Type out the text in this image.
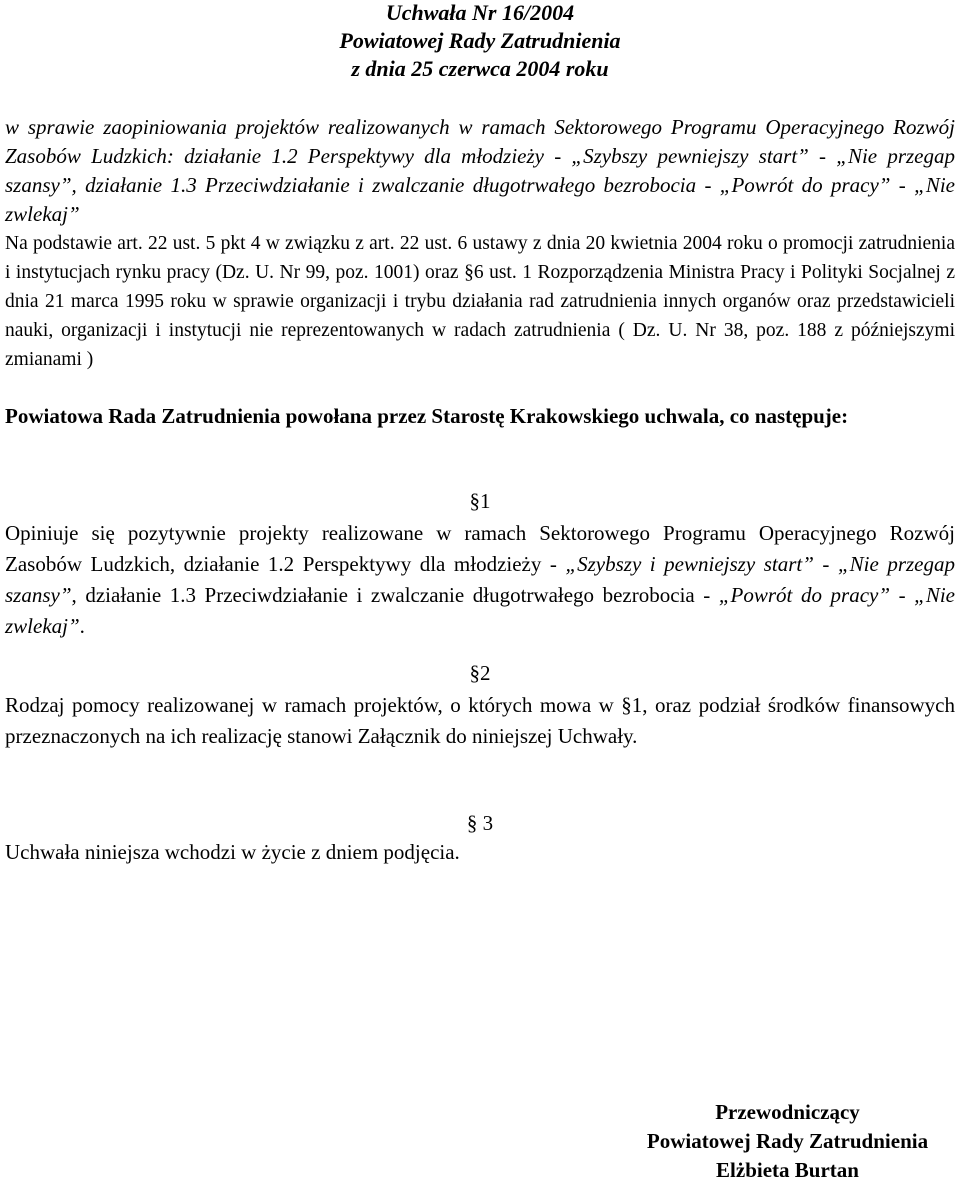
Uchwała Nr 16/2004
Powiatowej Rady Zatrudnienia
z dnia 25 czerwca 2004 roku
w sprawie zaopiniowania projektów realizowanych w ramach Sektorowego Programu Operacyjnego Rozwój Zasobów Ludzkich: działanie 1.2 Perspektywy dla młodzieży - „Szybszy pewniejszy start” - „Nie przegap szansy”, działanie 1.3 Przeciwdziałanie i zwalczanie długotrwałego bezrobocia - „Powrót do pracy” - „Nie zwlekaj”
Na podstawie art. 22 ust. 5 pkt 4 w związku z art. 22 ust. 6 ustawy z dnia 20 kwietnia 2004 roku o promocji zatrudnienia i instytucjach rynku pracy (Dz. U. Nr 99, poz. 1001) oraz §6 ust. 1 Rozporządzenia Ministra Pracy i Polityki Socjalnej z dnia 21 marca 1995 roku w sprawie organizacji i trybu działania rad zatrudnienia innych organów oraz przedstawicieli nauki, organizacji i instytucji nie reprezentowanych w radach zatrudnienia ( Dz. U. Nr 38, poz. 188 z późniejszymi zmianami )
Powiatowa Rada Zatrudnienia powołana przez Starostę Krakowskiego uchwala, co następuje:
§1
Opiniuje się pozytywnie projekty realizowane w ramach Sektorowego Programu Operacyjnego Rozwój Zasobów Ludzkich, działanie 1.2 Perspektywy dla młodzieży - „Szybszy i pewniejszy start” - „Nie przegap szansy”, działanie 1.3 Przeciwdziałanie i zwalczanie długotrwałego bezrobocia - „Powrót do pracy” - „Nie zwlekaj”.
§2
Rodzaj pomocy realizowanej w ramach projektów, o których mowa w §1, oraz podział środków finansowych przeznaczonych na ich realizację stanowi Załącznik do niniejszej Uchwały.
§ 3
Uchwała niniejsza wchodzi w życie z dniem podjęcia.
Przewodniczący
Powiatowej Rady Zatrudnienia
Elżbieta Burtan
